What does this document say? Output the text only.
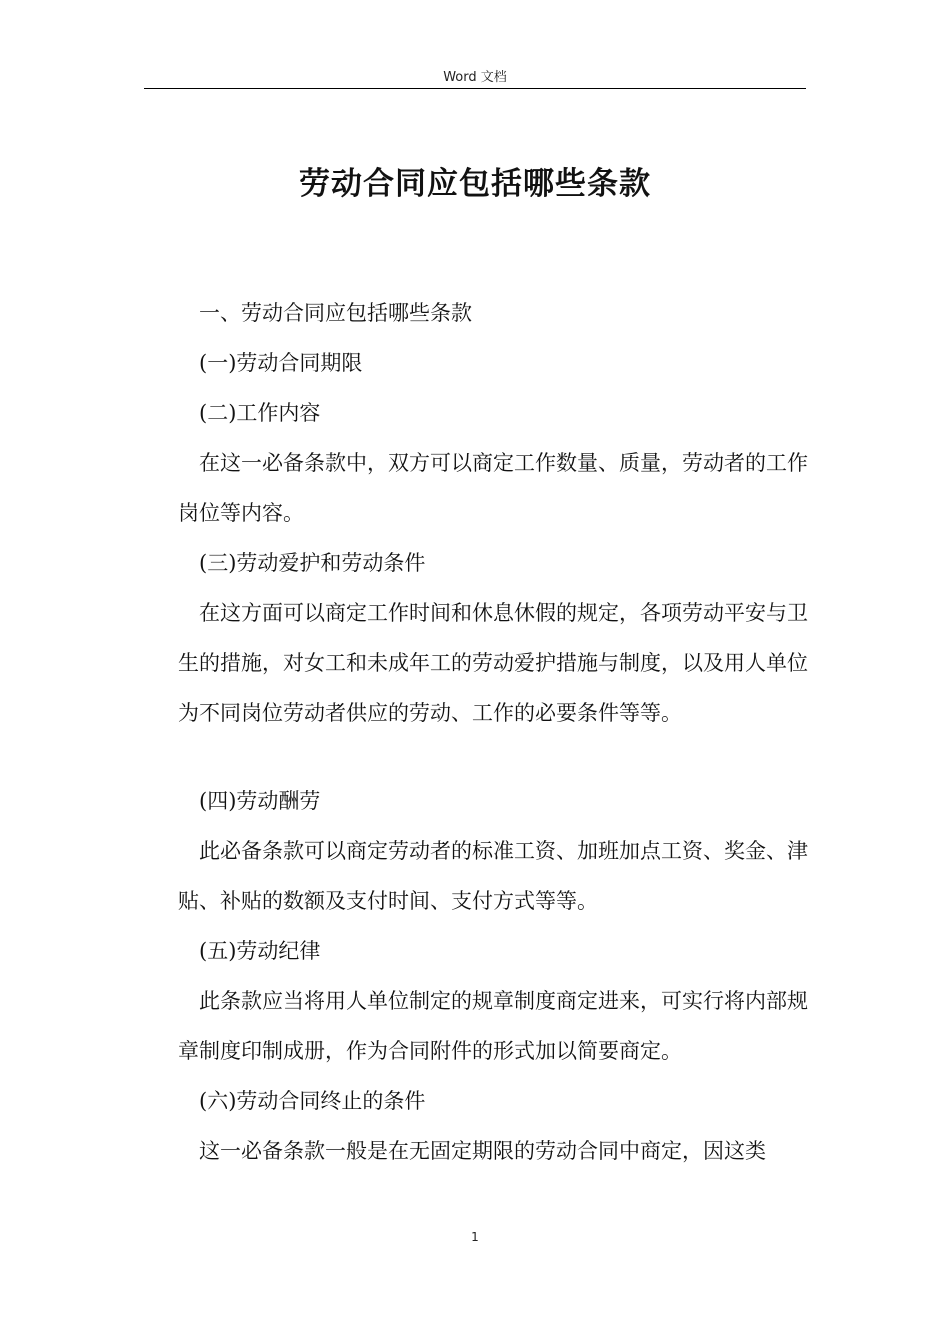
Word 文档
劳动合同应包括哪些条款

一、劳动合同应包括哪些条款

(一)劳动合同期限

(二)工作内容

在这一必备条款中，双方可以商定工作数量、质量，劳动者的工作岗位等内容。

(三)劳动爱护和劳动条件

在这方面可以商定工作时间和休息休假的规定，各项劳动平安与卫生的措施，对女工和未成年工的劳动爱护措施与制度，以及用人单位为不同岗位劳动者供应的劳动、工作的必要条件等等。

(四)劳动酬劳

此必备条款可以商定劳动者的标准工资、加班加点工资、奖金、津贴、补贴的数额及支付时间、支付方式等等。

(五)劳动纪律

此条款应当将用人单位制定的规章制度商定进来，可实行将内部规章制度印制成册，作为合同附件的形式加以简要商定。

(六)劳动合同终止的条件

这一必备条款一般是在无固定期限的劳动合同中商定，因这类

1
